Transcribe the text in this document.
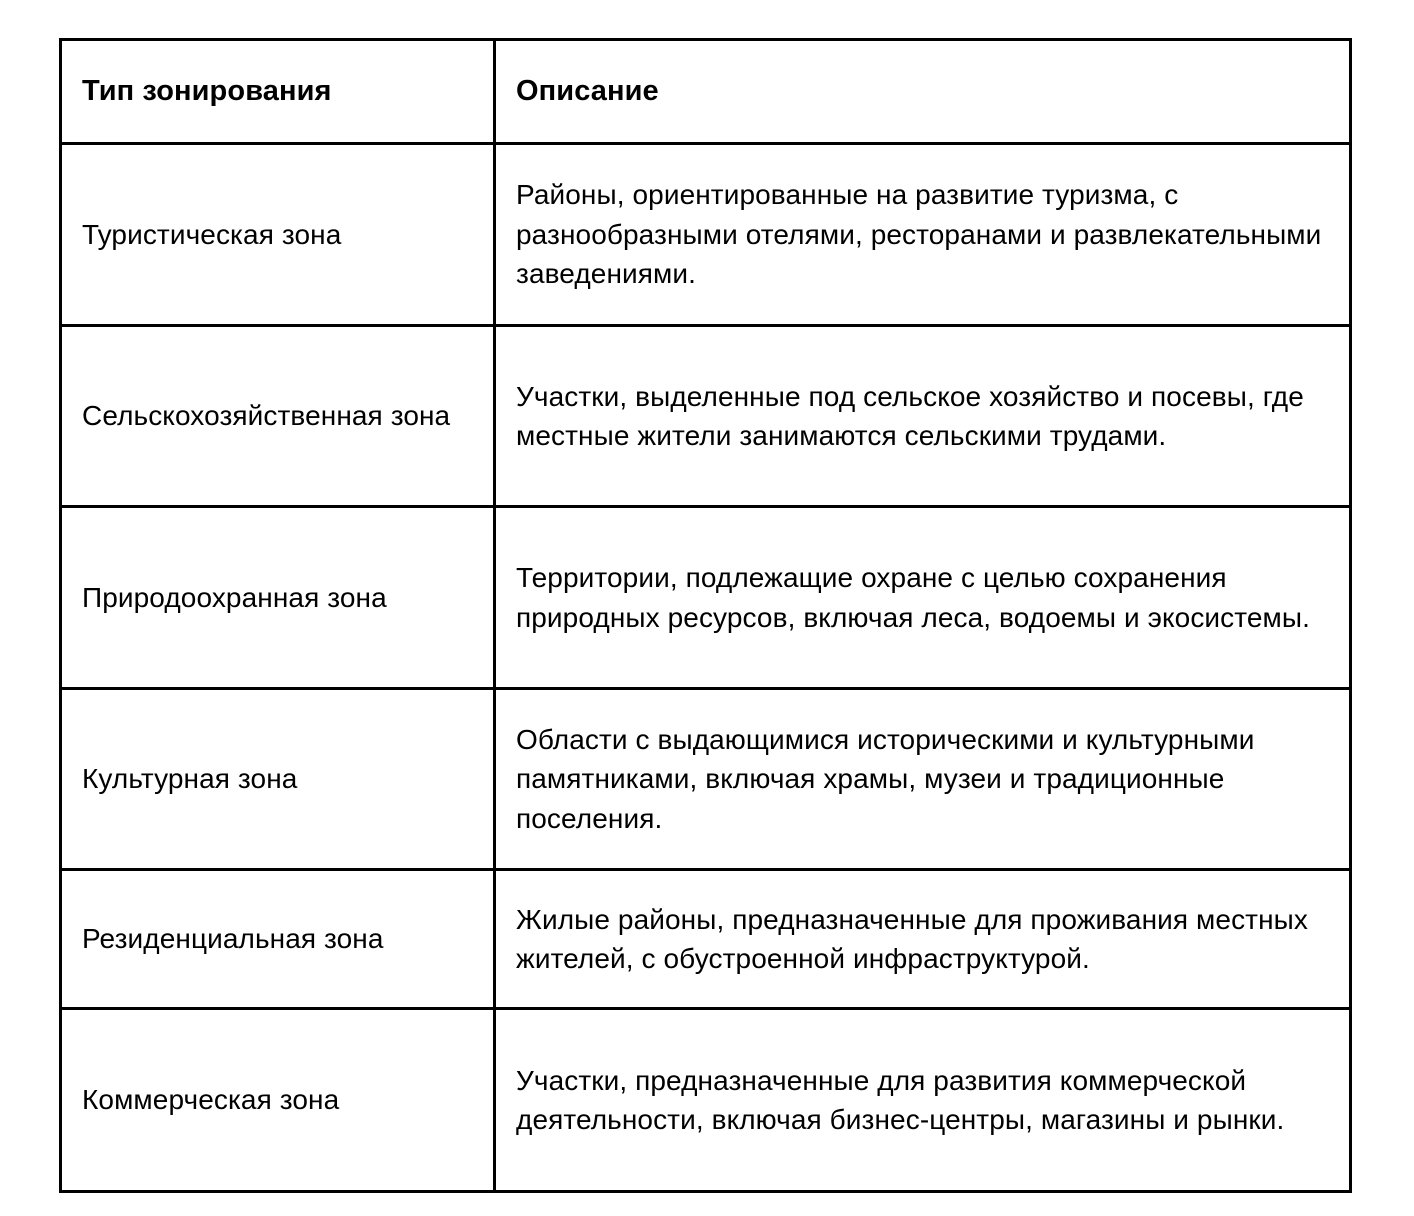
Тип зонирования	Описание
Туристическая зона	Районы, ориентированные на развитие туризма, с разнообразными отелями, ресторанами и развлекательными заведениями.
Сельскохозяйственная зона	Участки, выделенные под сельское хозяйство и посевы, где местные жители занимаются сельскими трудами.
Природоохранная зона	Территории, подлежащие охране с целью сохранения природных ресурсов, включая леса, водоемы и экосистемы.
Культурная зона	Области с выдающимися историческими и культурными памятниками, включая храмы, музеи и традиционные поселения.
Резиденциальная зона	Жилые районы, предназначенные для проживания местных жителей, с обустроенной инфраструктурой.
Коммерческая зона	Участки, предназначенные для развития коммерческой деятельности, включая бизнес-центры, магазины и рынки.
